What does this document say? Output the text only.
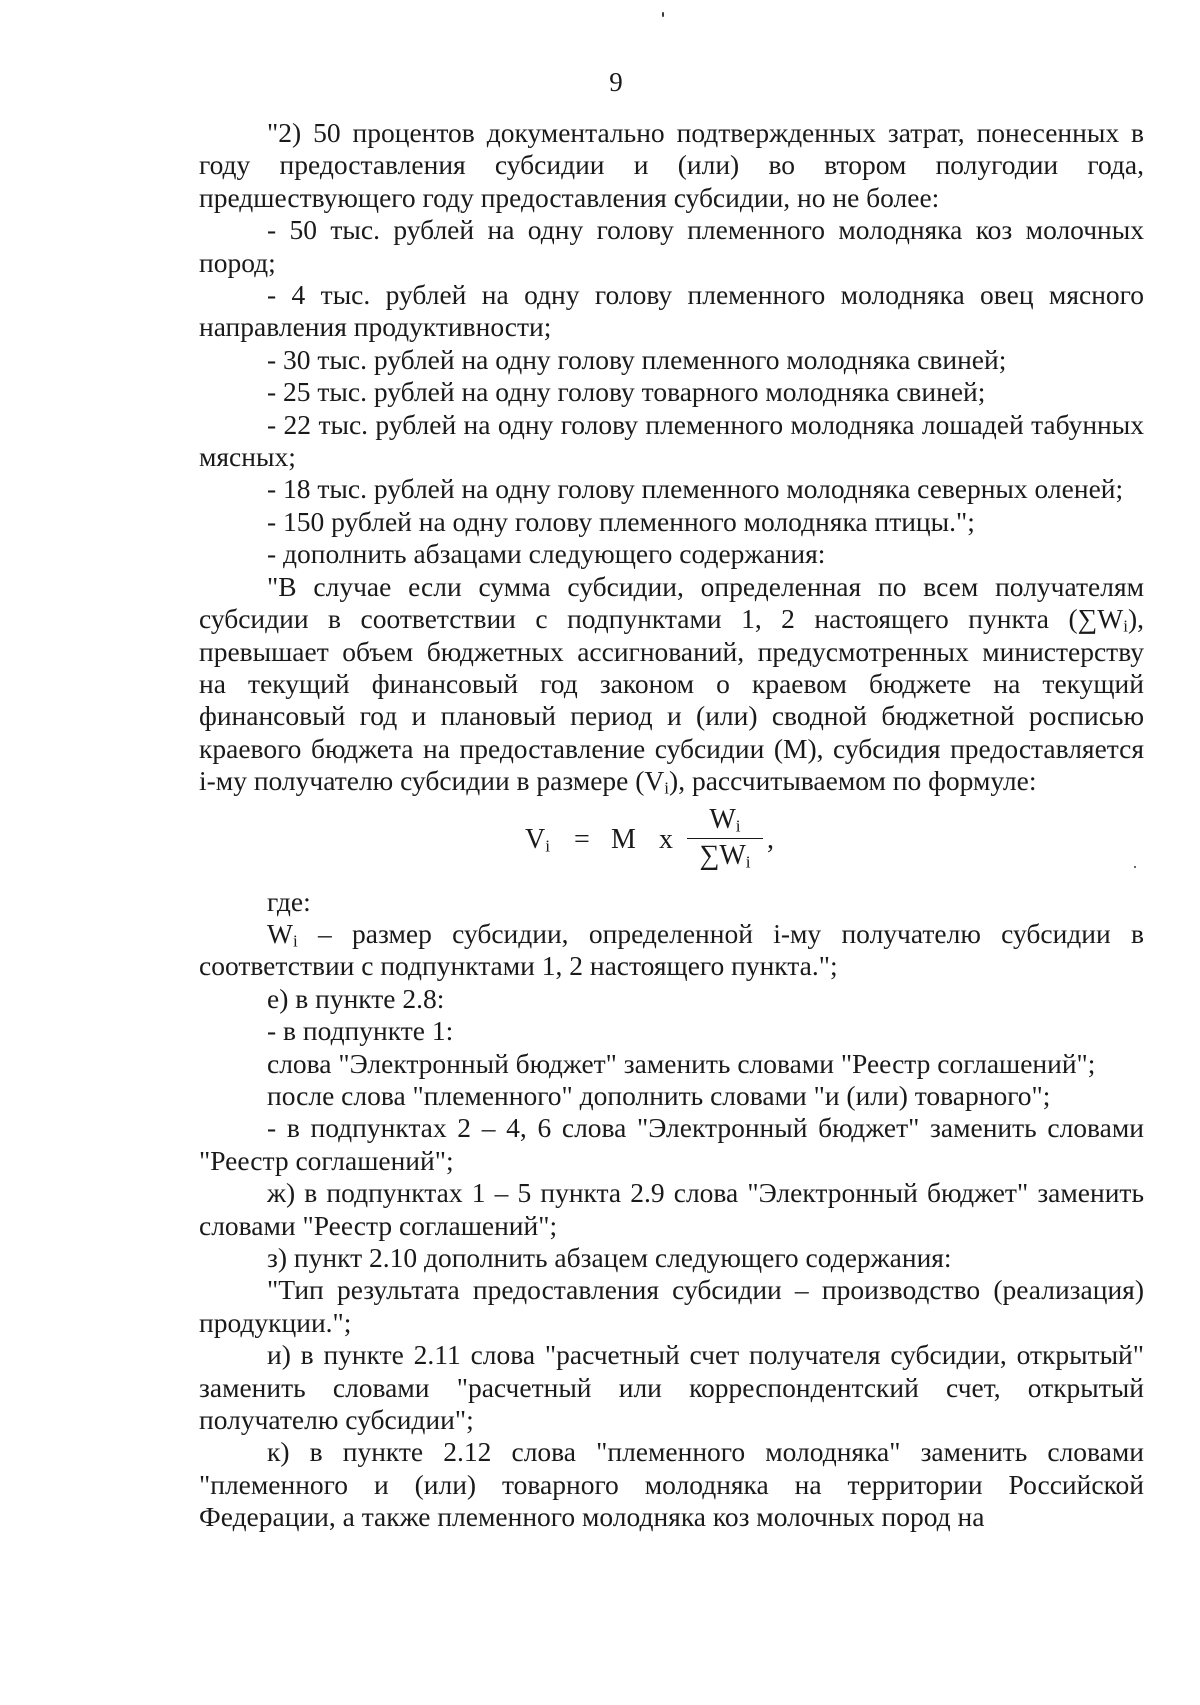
9

"2) 50 процентов документально подтвержденных затрат, понесенных в году предоставления субсидии и (или) во втором полугодии года, предшествующего году предоставления субсидии, но не более:

- 50 тыс. рублей на одну голову племенного молодняка коз молочных пород;

- 4 тыс. рублей на одну голову племенного молодняка овец мясного направления продуктивности;

- 30 тыс. рублей на одну голову племенного молодняка свиней;

- 25 тыс. рублей на одну голову товарного молодняка свиней;

- 22 тыс. рублей на одну голову племенного молодняка лошадей табунных мясных;

- 18 тыс. рублей на одну голову племенного молодняка северных оленей;

- 150 рублей на одну голову племенного молодняка птицы.";

- дополнить абзацами следующего содержания:

"В случае если сумма субсидии, определенная по всем получателям субсидии в соответствии с подпунктами 1, 2 настоящего пункта $(\sum W_i)$, превышает объем бюджетных ассигнований, предусмотренных министерству на текущий финансовый год законом о краевом бюджете на текущий финансовый год и плановый период и (или) сводной бюджетной росписью краевого бюджета на предоставление субсидии (M), субсидия предоставляется i-му получателю субсидии в размере $(V_i)$, рассчитываемом по формуле:

$V_i = M$ x
$W_i$
$\sum W_i$
,

где:

$W_i$ – размер субсидии, определенной i-му получателю субсидии в соответствии с подпунктами 1, 2 настоящего пункта.";

е) в пункте 2.8:

- в подпункте 1:

слова "Электронный бюджет" заменить словами "Реестр соглашений";

после слова "племенного" дополнить словами "и (или) товарного";

- в подпунктах 2 – 4, 6 слова "Электронный бюджет" заменить словами "Реестр соглашений";

ж) в подпунктах 1 – 5 пункта 2.9 слова "Электронный бюджет" заменить словами "Реестр соглашений";

з) пункт 2.10 дополнить абзацем следующего содержания:

"Тип результата предоставления субсидии – производство (реализация) продукции.";

и) в пункте 2.11 слова "расчетный счет получателя субсидии, открытый" заменить словами "расчетный или корреспондентский счет, открытый получателю субсидии";

к) в пункте 2.12 слова "племенного молодняка" заменить словами "племенного и (или) товарного молодняка на территории Российской Федерации, а также племенного молодняка коз молочных пород на
